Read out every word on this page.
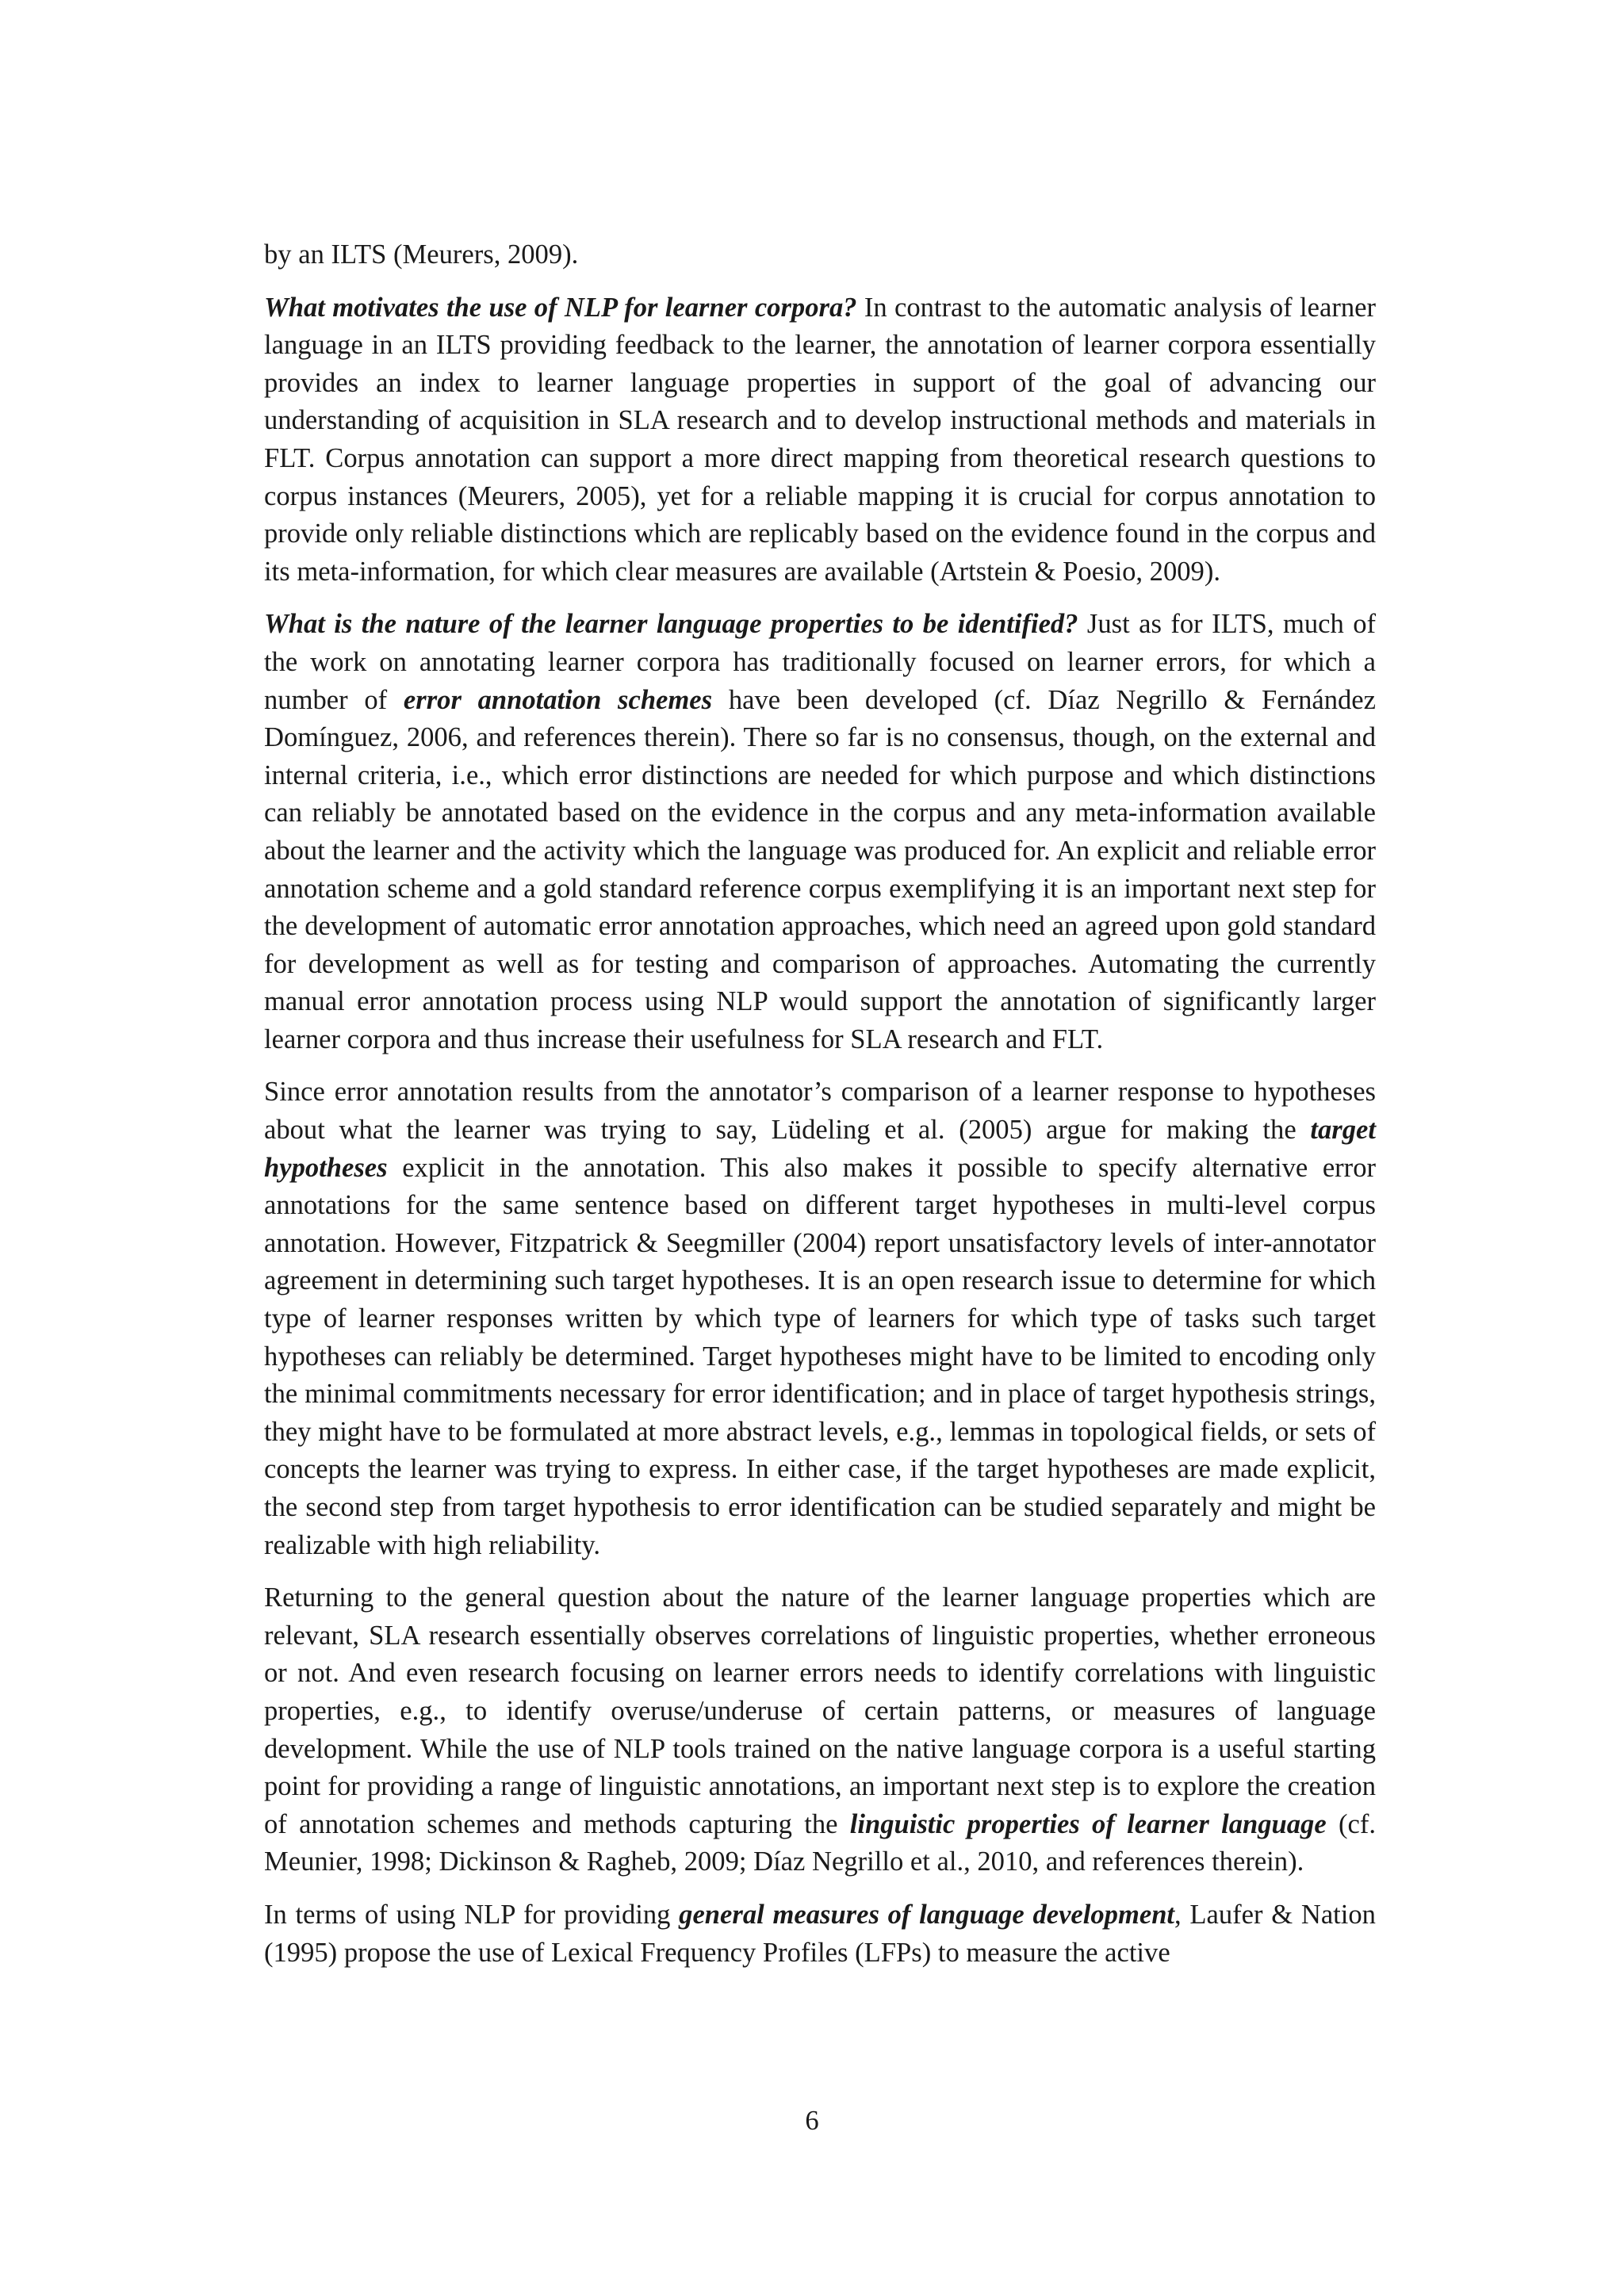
by an ILTS (Meurers, 2009).

What motivates the use of NLP for learner corpora? In contrast to the automatic analysis of learner language in an ILTS providing feedback to the learner, the annotation of learner corpora essentially provides an index to learner language properties in support of the goal of advancing our understanding of acquisition in SLA research and to develop instructional methods and materials in FLT. Corpus annotation can support a more direct mapping from theoretical research questions to corpus instances (Meurers, 2005), yet for a reliable mapping it is crucial for corpus annotation to provide only reliable distinctions which are replicably based on the evidence found in the corpus and its meta-information, for which clear measures are available (Artstein & Poesio, 2009).

What is the nature of the learner language properties to be identified? Just as for ILTS, much of the work on annotating learner corpora has traditionally focused on learner errors, for which a number of error annotation schemes have been developed (cf. Díaz Negrillo & Fernández Domínguez, 2006, and references therein). There so far is no consensus, though, on the external and internal criteria, i.e., which error distinctions are needed for which purpose and which distinctions can reliably be annotated based on the evidence in the corpus and any meta-information available about the learner and the activity which the language was produced for. An explicit and reliable error annotation scheme and a gold standard reference corpus exemplifying it is an important next step for the development of automatic error annotation approaches, which need an agreed upon gold standard for development as well as for testing and comparison of approaches. Automating the currently manual error annotation process using NLP would support the annotation of significantly larger learner corpora and thus increase their usefulness for SLA research and FLT.

Since error annotation results from the annotator’s comparison of a learner response to hypotheses about what the learner was trying to say, Lüdeling et al. (2005) argue for making the target hypotheses explicit in the annotation. This also makes it possible to specify alternative error annotations for the same sentence based on different target hypotheses in multi-level corpus annotation. However, Fitzpatrick & Seegmiller (2004) report unsatisfactory levels of inter-annotator agreement in determining such target hypotheses. It is an open research issue to determine for which type of learner responses written by which type of learners for which type of tasks such target hypotheses can reliably be determined. Target hypotheses might have to be limited to encoding only the minimal commitments necessary for error identification; and in place of target hypothesis strings, they might have to be formulated at more abstract levels, e.g., lemmas in topological fields, or sets of concepts the learner was trying to express. In either case, if the target hypotheses are made explicit, the second step from target hypothesis to error identification can be studied separately and might be realizable with high reliability.

Returning to the general question about the nature of the learner language properties which are relevant, SLA research essentially observes correlations of linguistic properties, whether erroneous or not. And even research focusing on learner errors needs to identify correlations with linguistic properties, e.g., to identify overuse/underuse of certain patterns, or measures of language development. While the use of NLP tools trained on the native language corpora is a useful starting point for providing a range of linguistic annotations, an important next step is to explore the creation of annotation schemes and methods capturing the linguistic properties of learner language (cf. Meunier, 1998; Dickinson & Ragheb, 2009; Díaz Negrillo et al., 2010, and references therein).

In terms of using NLP for providing general measures of language development, Laufer & Nation (1995) propose the use of Lexical Frequency Profiles (LFPs) to measure the active

6
